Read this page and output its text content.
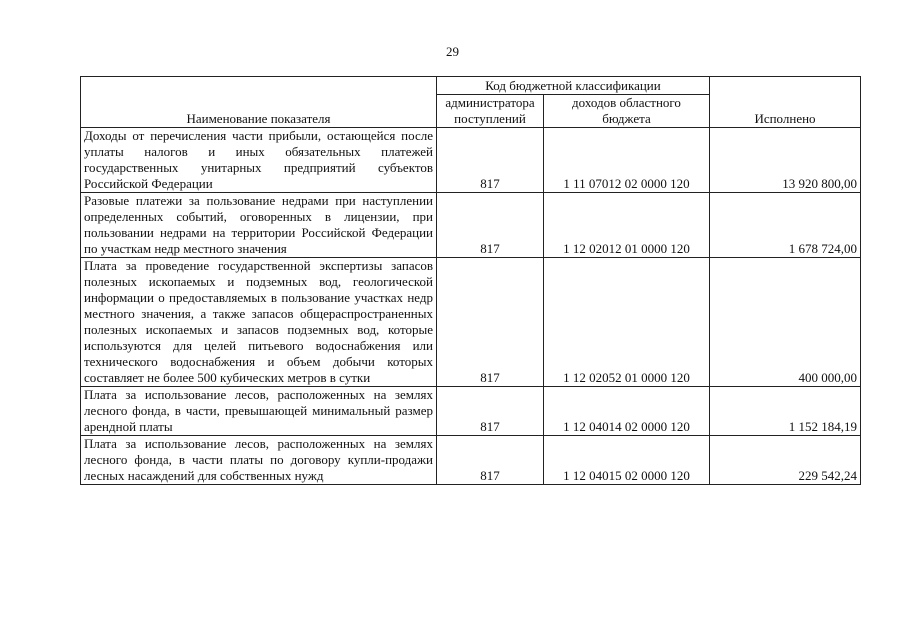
29
Наименование показателя	Код бюджетной классификации		Исполнено
	администратора поступлений	доходов областного бюджета	
Доходы от перечисления части прибыли, остающейся после уплаты налогов и иных обязательных платежей государственных унитарных предприятий субъектов Российской Федерации	817	1 11 07012 02 0000 120	13 920 800,00
Разовые платежи за пользование недрами при наступлении определенных событий, оговоренных в лицензии, при пользовании недрами на территории Российской Федерации по участкам недр местного значения	817	1 12 02012 01 0000 120	1 678 724,00
Плата за проведение государственной экспертизы запасов полезных ископаемых и подземных вод, геологической информации о предоставляемых в пользование участках недр местного значения, а также запасов общераспространенных полезных ископаемых и запасов подземных вод, которые используются для целей питьевого водоснабжения или технического водоснабжения и объем добычи которых составляет не более 500 кубических метров в сутки	817	1 12 02052 01 0000 120	400 000,00
Плата за использование лесов, расположенных на землях лесного фонда, в части, превышающей минимальный размер арендной платы	817	1 12 04014 02 0000 120	1 152 184,19
Плата за использование лесов, расположенных на землях лесного фонда, в части платы по договору купли-продажи лесных насаждений для собственных нужд	817	1 12 04015 02 0000 120	229 542,24
